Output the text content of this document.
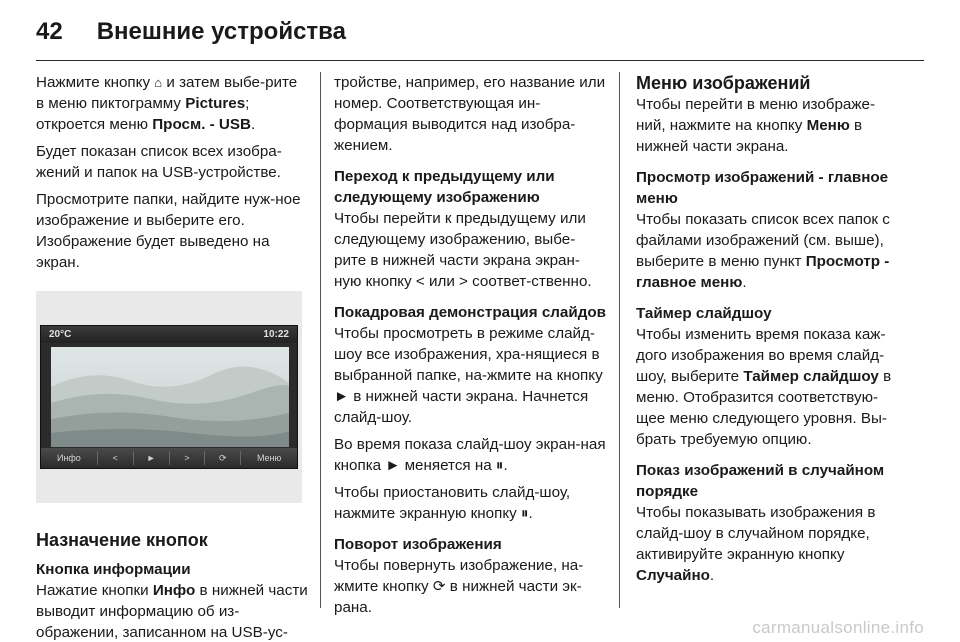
42 Внешние устройства

Нажмите кнопку ⌂ и затем выбе-рите в меню пиктограмму Pictures; откроется меню Просм. - USB.

Будет показан список всех изобра-жений и папок на USB-устройстве.

Просмотрите папки, найдите нуж-ное изображение и выберите его. Изображение будет выведено на экран.

20°C	10:22
Инфо	<	►	>	⟳	Меню
Назначение кнопок
Кнопка информации

Нажатие кнопки Инфо в нижней части выводит информацию об из-ображении, записанном на USB-ус-

тройстве, например, его название или номер. Соответствующая ин-формация выводится над изобра-жением.

Переход к предыдущему или следующему изображению

Чтобы перейти к предыдущему или следующему изображению, выбе-рите в нижней части экрана экран-ную кнопку < или > соответ-ственно.

Покадровая демонстрация слайдов

Чтобы просмотреть в режиме слайд-шоу все изображения, хра-нящиеся в выбранной папке, на-жмите на кнопку ► в нижней части экрана. Начнется слайд-шоу.

Во время показа слайд-шоу экран-ная кнопка ► меняется на ⏸.

Чтобы приостановить слайд-шоу, нажмите экранную кнопку ⏸.

Поворот изображения

Чтобы повернуть изображение, на-жмите кнопку ⟳ в нижней части эк-рана.

Меню изображений

Чтобы перейти в меню изображе-ний, нажмите на кнопку Меню в нижней части экрана.

Просмотр изображений - главное меню

Чтобы показать список всех папок с файлами изображений (см. выше), выберите в меню пункт Просмотр - главное меню.

Таймер слайдшоу

Чтобы изменить время показа каж-дого изображения во время слайд-шоу, выберите Таймер слайдшоу в меню. Отобразится соответствую-щее меню следующего уровня. Вы-брать требуемую опцию.

Показ изображений в случайном порядке

Чтобы показывать изображения в слайд-шоу в случайном порядке, активируйте экранную кнопку Случайно.

carmanualsonline.info
